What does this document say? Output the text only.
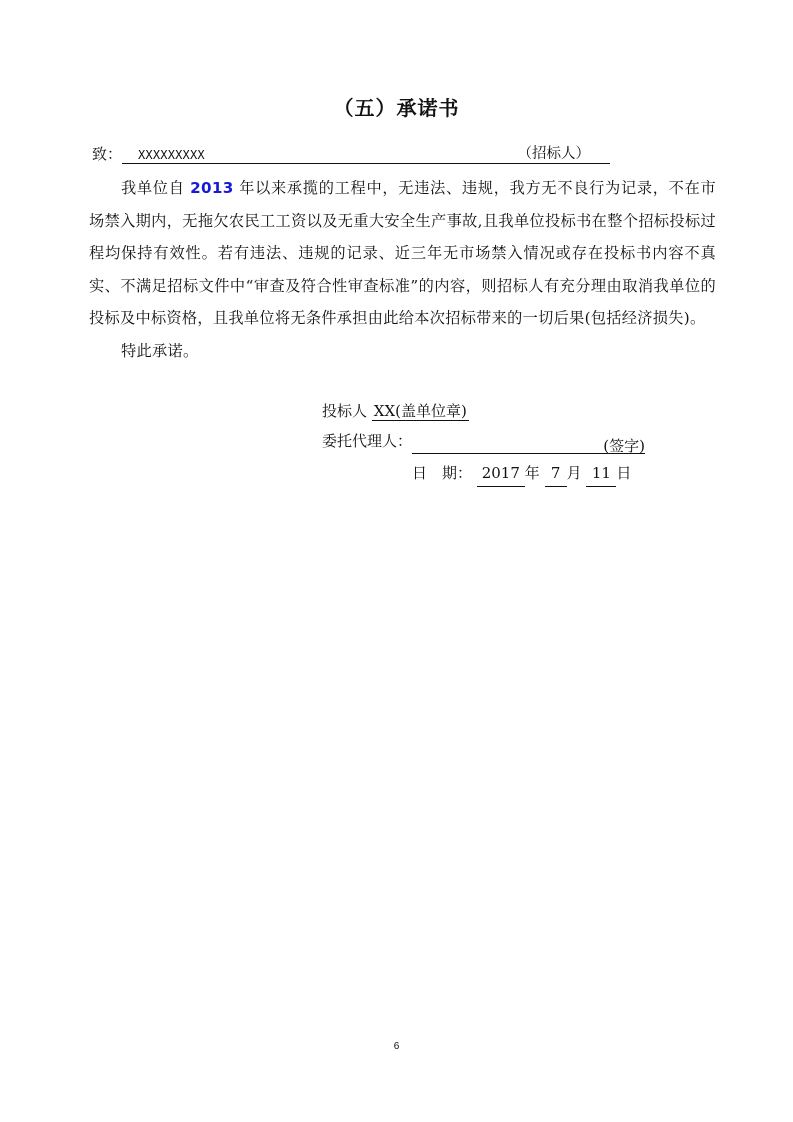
（五）承诺书
致： XXXXXXXXX	（招标人）

我单位自 2013 年以来承揽的工程中，无违法、违规，我方无不良行为记录，不在市场禁入期内，无拖欠农民工工资以及无重大安全生产事故,且我单位投标书在整个招标投标过程均保持有效性。若有违法、违规的记录、近三年无市场禁入情况或存在投标书内容不真实、不满足招标文件中“审查及符合性审查标准”的内容，则招标人有充分理由取消我单位的投标及中标资格，且我单位将无条件承担由此给本次招标带来的一切后果(包括经济损失)。

特此承诺。

投标人 XX(盖单位章)
委托代理人：	(签字)
日　期： 2017 年 7 月 11 日
6
